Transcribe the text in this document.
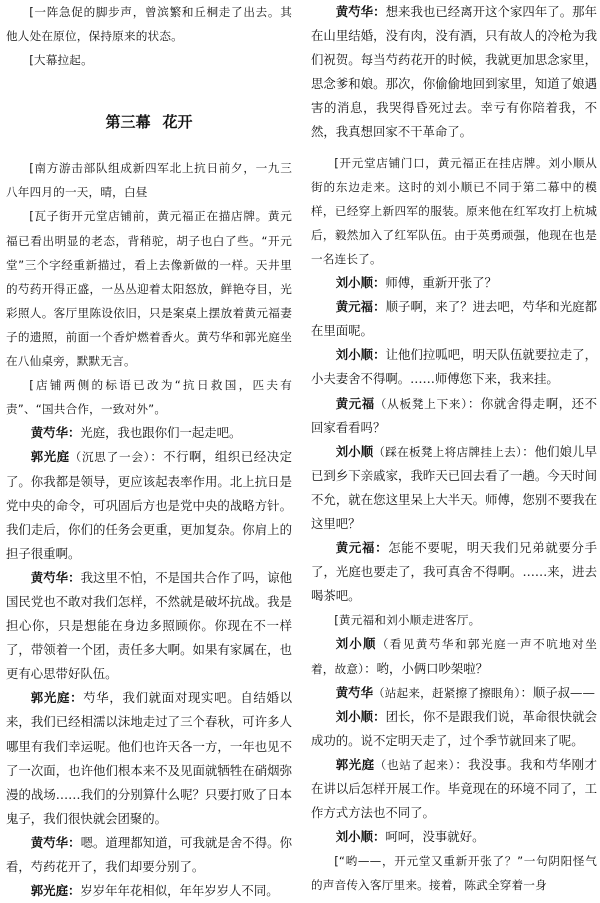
[一阵急促的脚步声，曾滨繁和丘桐走了出去。其他人处在原位，保持原来的状态。

[大幕拉起。

第三幕 花开

[南方游击部队组成新四军北上抗日前夕，一九三八年四月的一天，晴，白昼

[瓦子街开元堂店铺前，黄元福正在描店牌。黄元福已看出明显的老态，背稍驼，胡子也白了些。“开元堂”三个字经重新描过，看上去像新做的一样。天井里的芍药开得正盛，一丛丛迎着太阳怒放，鲜艳夺目，光彩照人。客厅里陈设依旧，只是案桌上摆放着黄元福妻子的遗照，前面一个香炉燃着香火。黄芍华和郭光庭坐在八仙桌旁，默默无言。

[店铺两侧的标语已改为“抗日救国，匹夫有责”、“国共合作，一致对外”。

黄芍华：光庭，我也跟你们一起走吧。

郭光庭（沉思了一会）：不行啊，组织已经决定了。你我都是领导，更应该起表率作用。北上抗日是党中央的命令，可巩固后方也是党中央的战略方针。我们走后，你们的任务会更重，更加复杂。你肩上的担子很重啊。

黄芍华：我这里不怕，不是国共合作了吗，谅他国民党也不敢对我们怎样，不然就是破坏抗战。我是担心你，只是想能在身边多照顾你。你现在不一样了，带领着一个团，责任多大啊。如果有家属在，也更有心思带好队伍。

郭光庭：芍华，我们就面对现实吧。自结婚以来，我们已经相濡以沫地走过了三个春秋，可许多人哪里有我们幸运呢。他们也许天各一方，一年也见不了一次面，也许他们根本来不及见面就牺牲在硝烟弥漫的战场……我们的分别算什么呢？只要打败了日本鬼子，我们很快就会团聚的。

黄芍华：嗯。道理都知道，可我就是舍不得。你看，芍药花开了，我们却要分别了。

郭光庭：岁岁年年花相似，年年岁岁人不同。

黄芍华：想来我也已经离开这个家四年了。那年在山里结婚，没有肉，没有酒，只有故人的冷枪为我们祝贺。每当芍药花开的时候，我就更加思念家里，思念爹和娘。那次，你偷偷地回到家里，知道了娘遇害的消息，我哭得昏死过去。幸亏有你陪着我，不然，我真想回家不干革命了。

[开元堂店铺门口，黄元福正在挂店牌。刘小顺从街的东边走来。这时的刘小顺已不同于第二幕中的模样，已经穿上新四军的服装。原来他在红军攻打上杭城后，毅然加入了红军队伍。由于英勇顽强，他现在也是一名连长了。

刘小顺：师傅，重新开张了？

黄元福：顺子啊，来了？进去吧，芍华和光庭都在里面呢。

刘小顺：让他们拉呱吧，明天队伍就要拉走了，小夫妻舍不得啊。……师傅您下来，我来挂。

黄元福（从板凳上下来）：你就舍得走啊，还不回家看看吗？

刘小顺（踩在板凳上将店牌挂上去）：他们娘儿早已到乡下亲戚家，我昨天已回去看了一趟。今天时间不允，就在您这里呆上大半天。师傅，您别不要我在这里吧？

黄元福：怎能不要呢，明天我们兄弟就要分手了，光庭也要走了，我可真舍不得啊。……来，进去喝茶吧。

[黄元福和刘小顺走进客厅。

刘小顺（看见黄芍华和郭光庭一声不吭地对坐着，故意）：哟，小俩口吵架啦？

黄芍华（站起来，赶紧擦了擦眼角）：顺子叔——

刘小顺：团长，你不是跟我们说，革命很快就会成功的。说不定明天走了，过个季节就回来了呢。

郭光庭（也站了起来）：我没事。我和芍华刚才在讲以后怎样开展工作。毕竟现在的环境不同了，工作方式方法也不同了。

刘小顺：呵呵，没事就好。

[“哟——，开元堂又重新开张了？”一句阴阳怪气的声音传入客厅里来。接着，陈武全穿着一身
